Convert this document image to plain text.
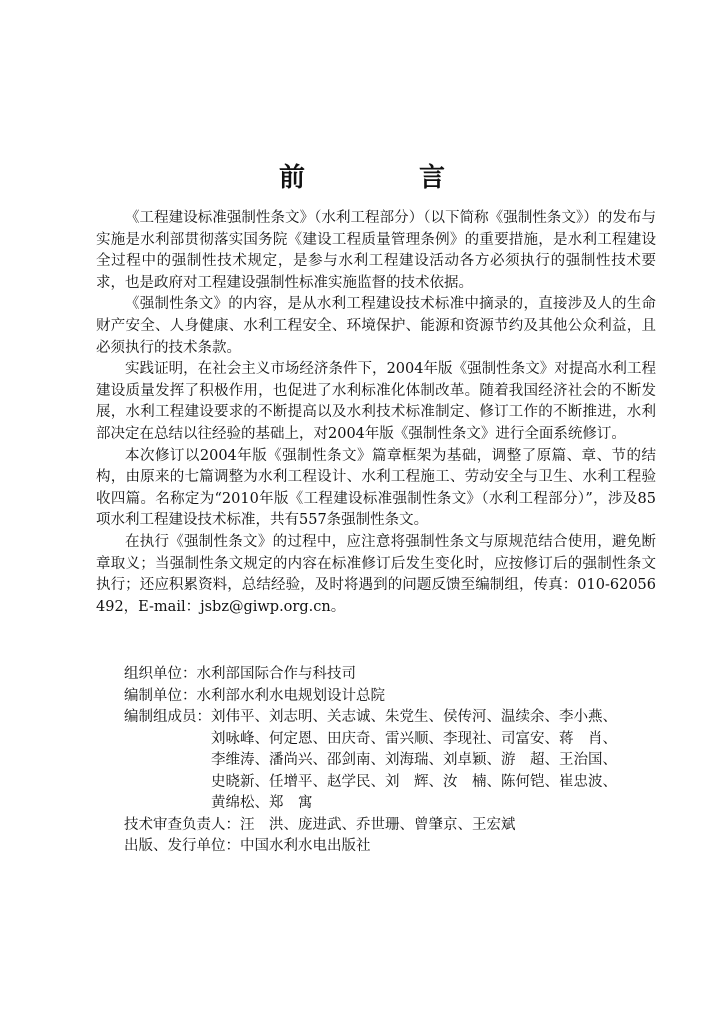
前　言

《工程建设标准强制性条文》（水利工程部分）（以下简称《强制性条文》）的发布与实施是水利部贯彻落实国务院《建设工程质量管理条例》的重要措施，是水利工程建设全过程中的强制性技术规定，是参与水利工程建设活动各方必须执行的强制性技术要求，也是政府对工程建设强制性标准实施监督的技术依据。

《强制性条文》的内容，是从水利工程建设技术标准中摘录的，直接涉及人的生命财产安全、人身健康、水利工程安全、环境保护、能源和资源节约及其他公众利益，且必须执行的技术条款。

实践证明，在社会主义市场经济条件下，2004年版《强制性条文》对提高水利工程建设质量发挥了积极作用，也促进了水利标准化体制改革。随着我国经济社会的不断发展，水利工程建设要求的不断提高以及水利技术标准制定、修订工作的不断推进，水利部决定在总结以往经验的基础上，对2004年版《强制性条文》进行全面系统修订。

本次修订以2004年版《强制性条文》篇章框架为基础，调整了原篇、章、节的结构，由原来的七篇调整为水利工程设计、水利工程施工、劳动安全与卫生、水利工程验收四篇。名称定为“2010年版《工程建设标准强制性条文》（水利工程部分）”，涉及85项水利工程建设技术标准，共有557条强制性条文。

在执行《强制性条文》的过程中，应注意将强制性条文与原规范结合使用，避免断章取义；当强制性条文规定的内容在标准修订后发生变化时，应按修订后的强制性条文执行；还应积累资料，总结经验，及时将遇到的问题反馈至编制组，传真：010-62056492，E-mail：jsbz@giwp.org.cn。

组织单位： 水利部国际合作与科技司
编制单位： 水利部水利水电规划设计总院
编制组成员： 刘伟平、刘志明、关志诚、朱党生、侯传河、温续余、李小燕、
刘咏峰、何定恩、田庆奇、雷兴顺、李现社、司富安、蒋　肖、
李维涛、潘尚兴、邵剑南、刘海瑞、刘卓颖、游　超、王治国、
史晓新、任增平、赵学民、刘　辉、汝　楠、陈何铠、崔忠波、
黄绵松、郑　寓
技术审查负责人： 汪　洪、庞进武、乔世珊、曾肇京、王宏斌
出版、发行单位： 中国水利水电出版社
